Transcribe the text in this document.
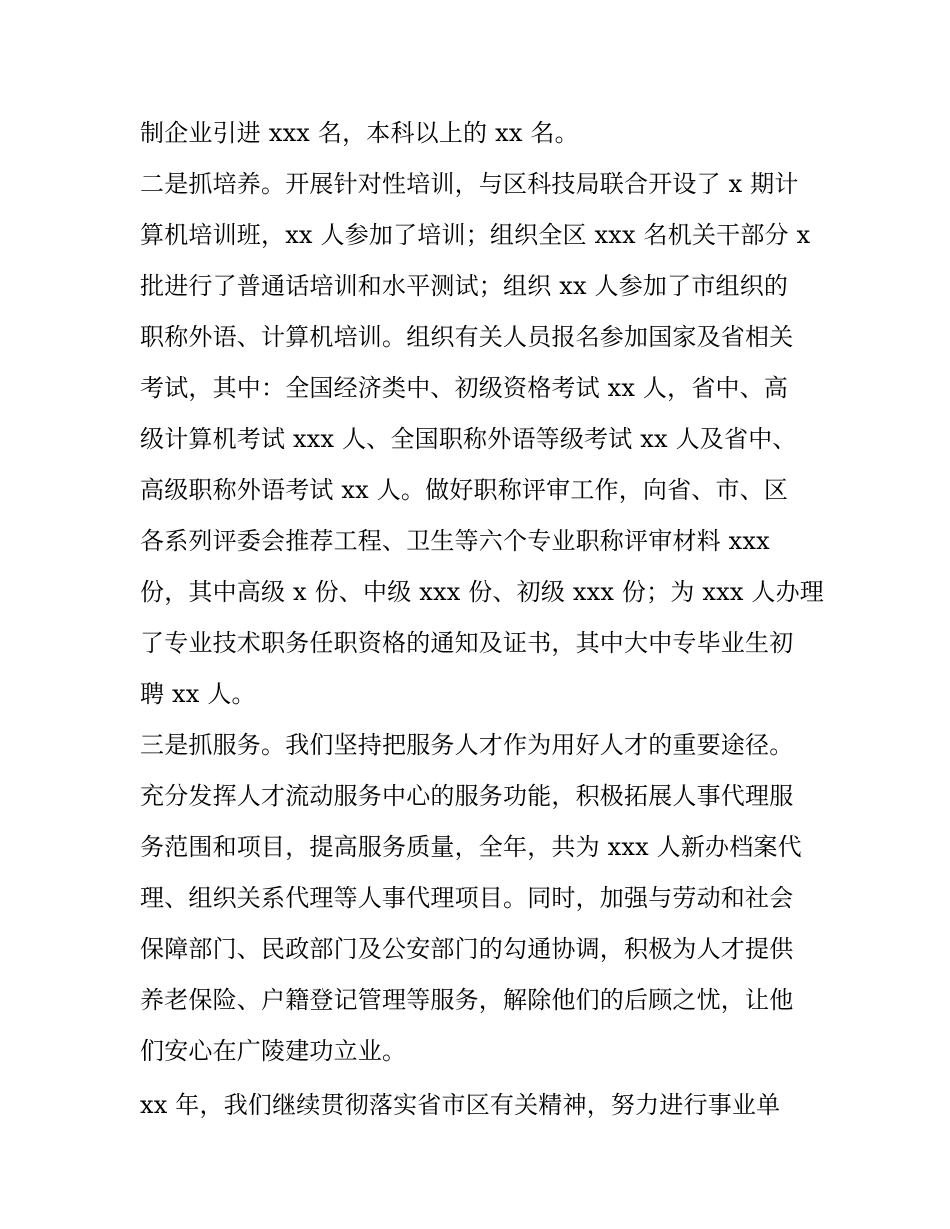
制企业引进 xxx 名，本科以上的 xx 名。
二是抓培养。开展针对性培训，与区科技局联合开设了 x 期计
算机培训班，xx 人参加了培训；组织全区 xxx 名机关干部分 x
批进行了普通话培训和水平测试；组织 xx 人参加了市组织的
职称外语、计算机培训。组织有关人员报名参加国家及省相关
考试，其中：全国经济类中、初级资格考试 xx 人，省中、高
级计算机考试 xxx 人、全国职称外语等级考试 xx 人及省中、
高级职称外语考试 xx 人。做好职称评审工作，向省、市、区
各系列评委会推荐工程、卫生等六个专业职称评审材料 xxx
份，其中高级 x 份、中级 xxx 份、初级 xxx 份；为 xxx 人办理
了专业技术职务任职资格的通知及证书，其中大中专毕业生初
聘 xx 人。
三是抓服务。我们坚持把服务人才作为用好人才的重要途径。
充分发挥人才流动服务中心的服务功能，积极拓展人事代理服
务范围和项目，提高服务质量，全年，共为 xxx 人新办档案代
理、组织关系代理等人事代理项目。同时，加强与劳动和社会
保障部门、民政部门及公安部门的勾通协调，积极为人才提供
养老保险、户籍登记管理等服务，解除他们的后顾之忧，让他
们安心在广陵建功立业。
xx 年，我们继续贯彻落实省市区有关精神，努力进行事业单
